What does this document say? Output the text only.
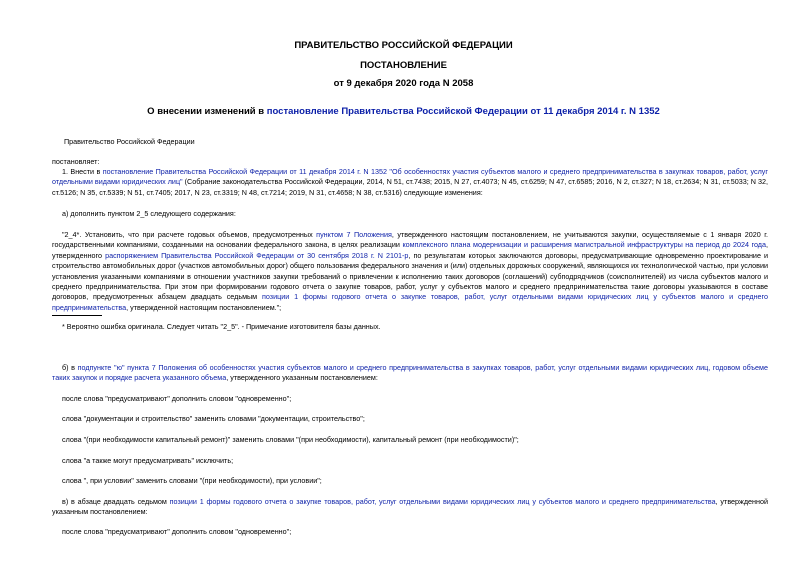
ПРАВИТЕЛЬСТВО РОССИЙСКОЙ ФЕДЕРАЦИИ
ПОСТАНОВЛЕНИЕ
от 9 декабря 2020 года N 2058
О внесении изменений в постановление Правительства Российской Федерации от 11 декабря 2014 г. N 1352
Правительство Российской Федерации
постановляет:
1. Внести в постановление Правительства Российской Федерации от 11 декабря 2014 г. N 1352 "Об особенностях участия субъектов малого и среднего предпринимательства в закупках товаров, работ, услуг отдельными видами юридических лиц" (Собрание законодательства Российской Федерации, 2014, N 51, ст.7438; 2015, N 27, ст.4073; N 45, ст.6259; N 47, ст.6585; 2016, N 2, ст.327; N 18, ст.2634; N 31, ст.5033; N 32, ст.5126; N 35, ст.5339; N 51, ст.7405; 2017, N 23, ст.3319; N 48, ст.7214; 2019, N 31, ст.4658; N 38, ст.5316) следующие изменения:
а) дополнить пунктом 2_5 следующего содержания:
"2_4*. Установить, что при расчете годовых объемов, предусмотренных пунктом 7 Положения, утвержденного настоящим постановлением, не учитываются закупки, осуществляемые с 1 января 2020 г. государственными компаниями, созданными на основании федерального закона, в целях реализации комплексного плана модернизации и расширения магистральной инфраструктуры на период до 2024 года, утвержденного распоряжением Правительства Российской Федерации от 30 сентября 2018 г. N 2101-р, по результатам которых заключаются договоры, предусматривающие одновременно проектирование и строительство автомобильных дорог (участков автомобильных дорог) общего пользования федерального значения и (или) отдельных дорожных сооружений, являющихся их технологической частью, при условии установления указанными компаниями в отношении участников закупки требований о привлечении к исполнению таких договоров (соглашений) субподрядчиков (соисполнителей) из числа субъектов малого и среднего предпринимательства. При этом при формировании годового отчета о закупке товаров, работ, услуг у субъектов малого и среднего предпринимательства такие договоры указываются в составе договоров, предусмотренных абзацем двадцать седьмым позиции 1 формы годового отчета о закупке товаров, работ, услуг отдельными видами юридических лиц у субъектов малого и среднего предпринимательства, утвержденной настоящим постановлением.";
* Вероятно ошибка оригинала. Следует читать "2_5". - Примечание изготовителя базы данных.
б) в подпункте "ю" пункта 7 Положения об особенностях участия субъектов малого и среднего предпринимательства в закупках товаров, работ, услуг отдельными видами юридических лиц, годовом объеме таких закупок и порядке расчета указанного объема, утвержденного указанным постановлением:
после слова "предусматривают" дополнить словом "одновременно";
слова "документации и строительство" заменить словами "документации, строительство";
слова "(при необходимости капитальный ремонт)" заменить словами "(при необходимости), капитальный ремонт (при необходимости)";
слова "а также могут предусматривать" исключить;
слова ", при условии" заменить словами "(при необходимости), при условии";
в) в абзаце двадцать седьмом позиции 1 формы годового отчета о закупке товаров, работ, услуг отдельными видами юридических лиц у субъектов малого и среднего предпринимательства, утвержденной указанным постановлением:
после слова "предусматривают" дополнить словом "одновременно";
